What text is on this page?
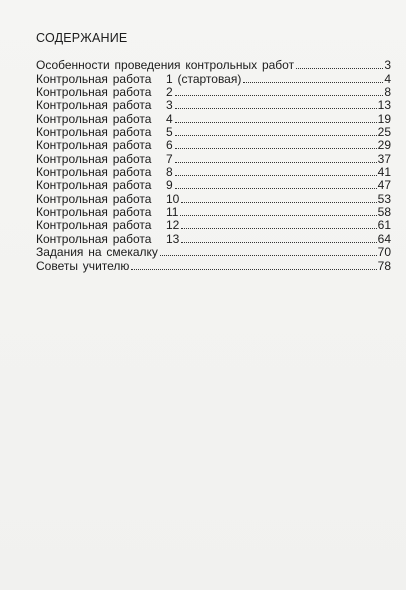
СОДЕРЖАНИЕ
Особенности проведения контрольных работ	3
Контрольная работа 1 (стартовая)	4
Контрольная работа 2	8
Контрольная работа 3	13
Контрольная работа 4	19
Контрольная работа 5	25
Контрольная работа 6	29
Контрольная работа 7	37
Контрольная работа 8	41
Контрольная работа 9	47
Контрольная работа 10	53
Контрольная работа 11	58
Контрольная работа 12	61
Контрольная работа 13	64
Задания на смекалку	70
Советы учителю	78
